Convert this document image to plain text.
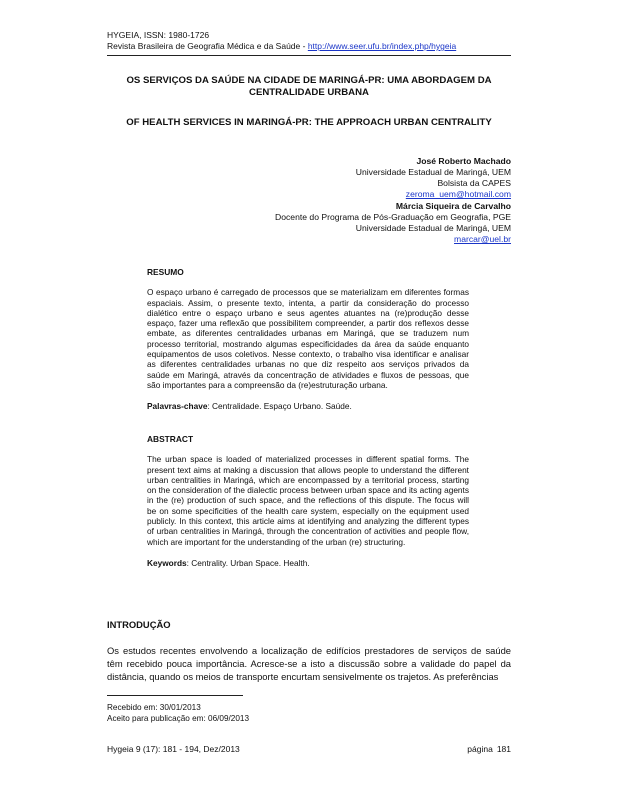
HYGEIA, ISSN: 1980-1726
Revista Brasileira de Geografia Médica e da Saúde - http://www.seer.ufu.br/index.php/hygeia
OS SERVIÇOS DA SAÚDE NA CIDADE DE MARINGÁ-PR: UMA ABORDAGEM DA CENTRALIDADE URBANA
OF HEALTH SERVICES IN MARINGÁ-PR: THE APPROACH URBAN CENTRALITY
José Roberto Machado
Universidade Estadual de Maringá, UEM
Bolsista da CAPES
zeroma_uem@hotmail.com
Márcia Siqueira de Carvalho
Docente do Programa de Pós-Graduação em Geografia, PGE
Universidade Estadual de Maringá, UEM
marcar@uel.br
RESUMO

O espaço urbano é carregado de processos que se materializam em diferentes formas espaciais. Assim, o presente texto, intenta, a partir da consideração do processo dialético entre o espaço urbano e seus agentes atuantes na (re)produção desse espaço, fazer uma reflexão que possibilitem compreender, a partir dos reflexos desse embate, as diferentes centralidades urbanas em Maringá, que se traduzem num processo territorial, mostrando algumas especificidades da área da saúde enquanto equipamentos de usos coletivos. Nesse contexto, o trabalho visa identificar e analisar as diferentes centralidades urbanas no que diz respeito aos serviços privados da saúde em Maringá, através da concentração de atividades e fluxos de pessoas, que são importantes para a compreensão da (re)estruturação urbana.

Palavras-chave: Centralidade. Espaço Urbano. Saúde.

ABSTRACT

The urban space is loaded of materialized processes in different spatial forms. The present text aims at making a discussion that allows people to understand the different urban centralities in Maringá, which are encompassed by a territorial process, starting on the consideration of the dialectic process between urban space and its acting agents in the (re) production of such space, and the reflections of this dispute. The focus will be on some specificities of the health care system, especially on the equipment used publicly. In this context, this article aims at identifying and analyzing the different types of urban centralities in Maringá, through the concentration of activities and people flow, which are important for the understanding of the urban (re) structuring.

Keywords: Centrality. Urban Space. Health.

INTRODUÇÃO
Os estudos recentes envolvendo a localização de edifícios prestadores de serviços de saúde têm recebido pouca importância. Acresce-se a isto a discussão sobre a validade do papel da distância, quando os meios de transporte encurtam sensivelmente os trajetos. As preferências
Recebido em: 30/01/2013
Aceito para publicação em: 06/09/2013
Hygeia 9 (17): 181 - 194, Dez/2013	página 181
